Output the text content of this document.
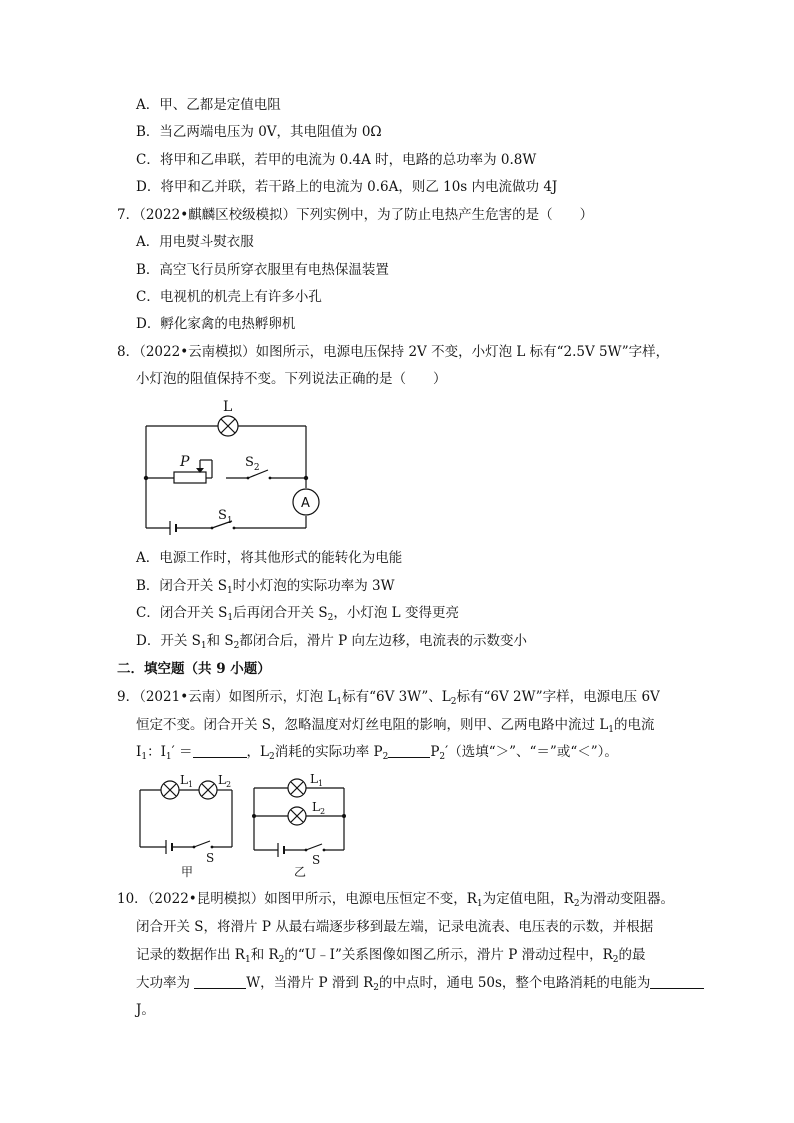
A．甲、乙都是定值电阻
B．当乙两端电压为 0V，其电阻值为 0Ω
C．将甲和乙串联，若甲的电流为 0.4A 时，电路的总功率为 0.8W
D．将甲和乙并联，若干路上的电流为 0.6A，则乙 10s 内电流做功 4J
7．（2022•麒麟区校级模拟）下列实例中，为了防止电热产生危害的是（　　）
A．用电熨斗熨衣服
B．高空飞行员所穿衣服里有电热保温装置
C．电视机的机壳上有许多小孔
D．孵化家禽的电热孵卵机
8．（2022•云南模拟）如图所示，电源电压保持 2V 不变，小灯泡 L 标有“2.5V 5W”字样，
小灯泡的阻值保持不变。下列说法正确的是（　　）
L
P	$S_2$
$S_1$
A
A．电源工作时，将其他形式的能转化为电能
B．闭合开关 $S_1$时小灯泡的实际功率为 3W
C．闭合开关 $S_1$后再闭合开关 $S_2$，小灯泡 L 变得更亮
D．开关 $S_1$和 $S_2$都闭合后，滑片 P 向左边移，电流表的示数变小
二．填空题（共 9 小题）
9．（2021•云南）如图所示，灯泡 $L_1$标有“6V 3W”、$L_2$标有“6V 2W”字样，电源电压 6V
恒定不变。闭合开关 S，忽略温度对灯丝电阻的影响，则甲、乙两电路中流过 $L_1$的电流
$I_1$：$I_1'$ ＝	，$L_2$消耗的实际功率 $P_2$	$P_2'$（选填“＞”、“＝”或“＜”）。
$L_1$ $L_2$
S
甲
$L_1$
$L_2$
S
乙
10．（2022•昆明模拟）如图甲所示，电源电压恒定不变，$R_1$为定值电阻，$R_2$为滑动变阻器。
闭合开关 S，将滑片 P 从最右端逐步移到最左端，记录电流表、电压表的示数，并根据
记录的数据作出 $R_1$和 $R_2$的“U﹣I”关系图像如图乙所示，滑片 P 滑动过程中，$R_2$的最
大功率为	W，当滑片 P 滑到 $R_2$的中点时，通电 50s，整个电路消耗的电能为
J。
